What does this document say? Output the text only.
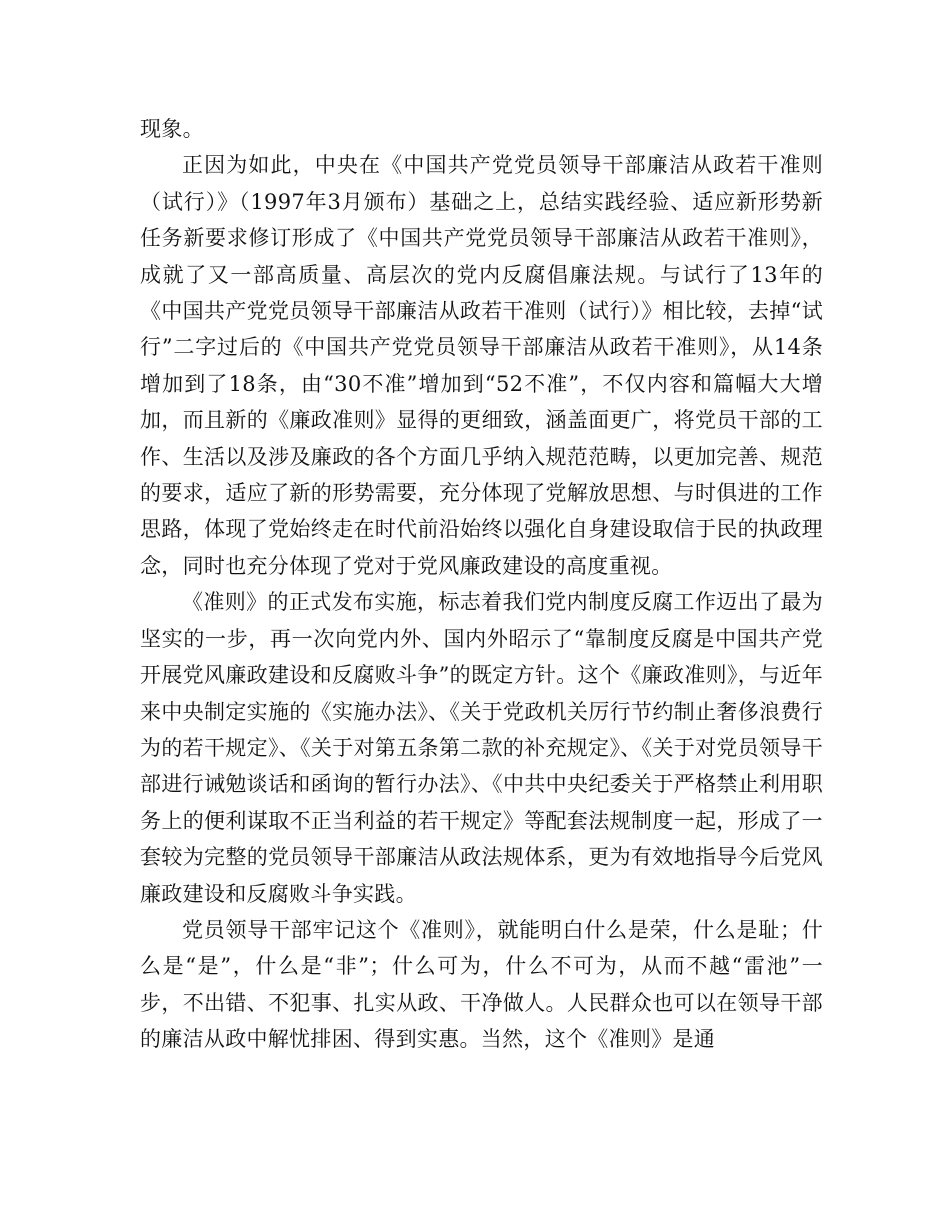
现象。

正因为如此，中央在《中国共产党党员领导干部廉洁从政若干准则（试行）》（1997年3月颁布）基础之上，总结实践经验、适应新形势新任务新要求修订形成了《中国共产党党员领导干部廉洁从政若干准则》，成就了又一部高质量、高层次的党内反腐倡廉法规。与试行了13年的《中国共产党党员领导干部廉洁从政若干准则（试行）》相比较，去掉“试行”二字过后的《中国共产党党员领导干部廉洁从政若干准则》，从14条增加到了18条，由“30不准”增加到“52不准”，不仅内容和篇幅大大增加，而且新的《廉政准则》显得的更细致，涵盖面更广，将党员干部的工作、生活以及涉及廉政的各个方面几乎纳入规范范畴，以更加完善、规范的要求，适应了新的形势需要，充分体现了党解放思想、与时俱进的工作思路，体现了党始终走在时代前沿始终以强化自身建设取信于民的执政理念，同时也充分体现了党对于党风廉政建设的高度重视。

《准则》的正式发布实施，标志着我们党内制度反腐工作迈出了最为坚实的一步，再一次向党内外、国内外昭示了“靠制度反腐是中国共产党开展党风廉政建设和反腐败斗争”的既定方针。这个《廉政准则》，与近年来中央制定实施的《实施办法》、《关于党政机关厉行节约制止奢侈浪费行为的若干规定》、《关于对第五条第二款的补充规定》、《关于对党员领导干部进行诫勉谈话和函询的暂行办法》、《中共中央纪委关于严格禁止利用职务上的便利谋取不正当利益的若干规定》等配套法规制度一起，形成了一套较为完整的党员领导干部廉洁从政法规体系，更为有效地指导今后党风廉政建设和反腐败斗争实践。

党员领导干部牢记这个《准则》，就能明白什么是荣，什么是耻；什么是“是”，什么是“非”；什么可为，什么不可为，从而不越“雷池”一步，不出错、不犯事、扎实从政、干净做人。人民群众也可以在领导干部的廉洁从政中解忧排困、得到实惠。当然，这个《准则》是通
